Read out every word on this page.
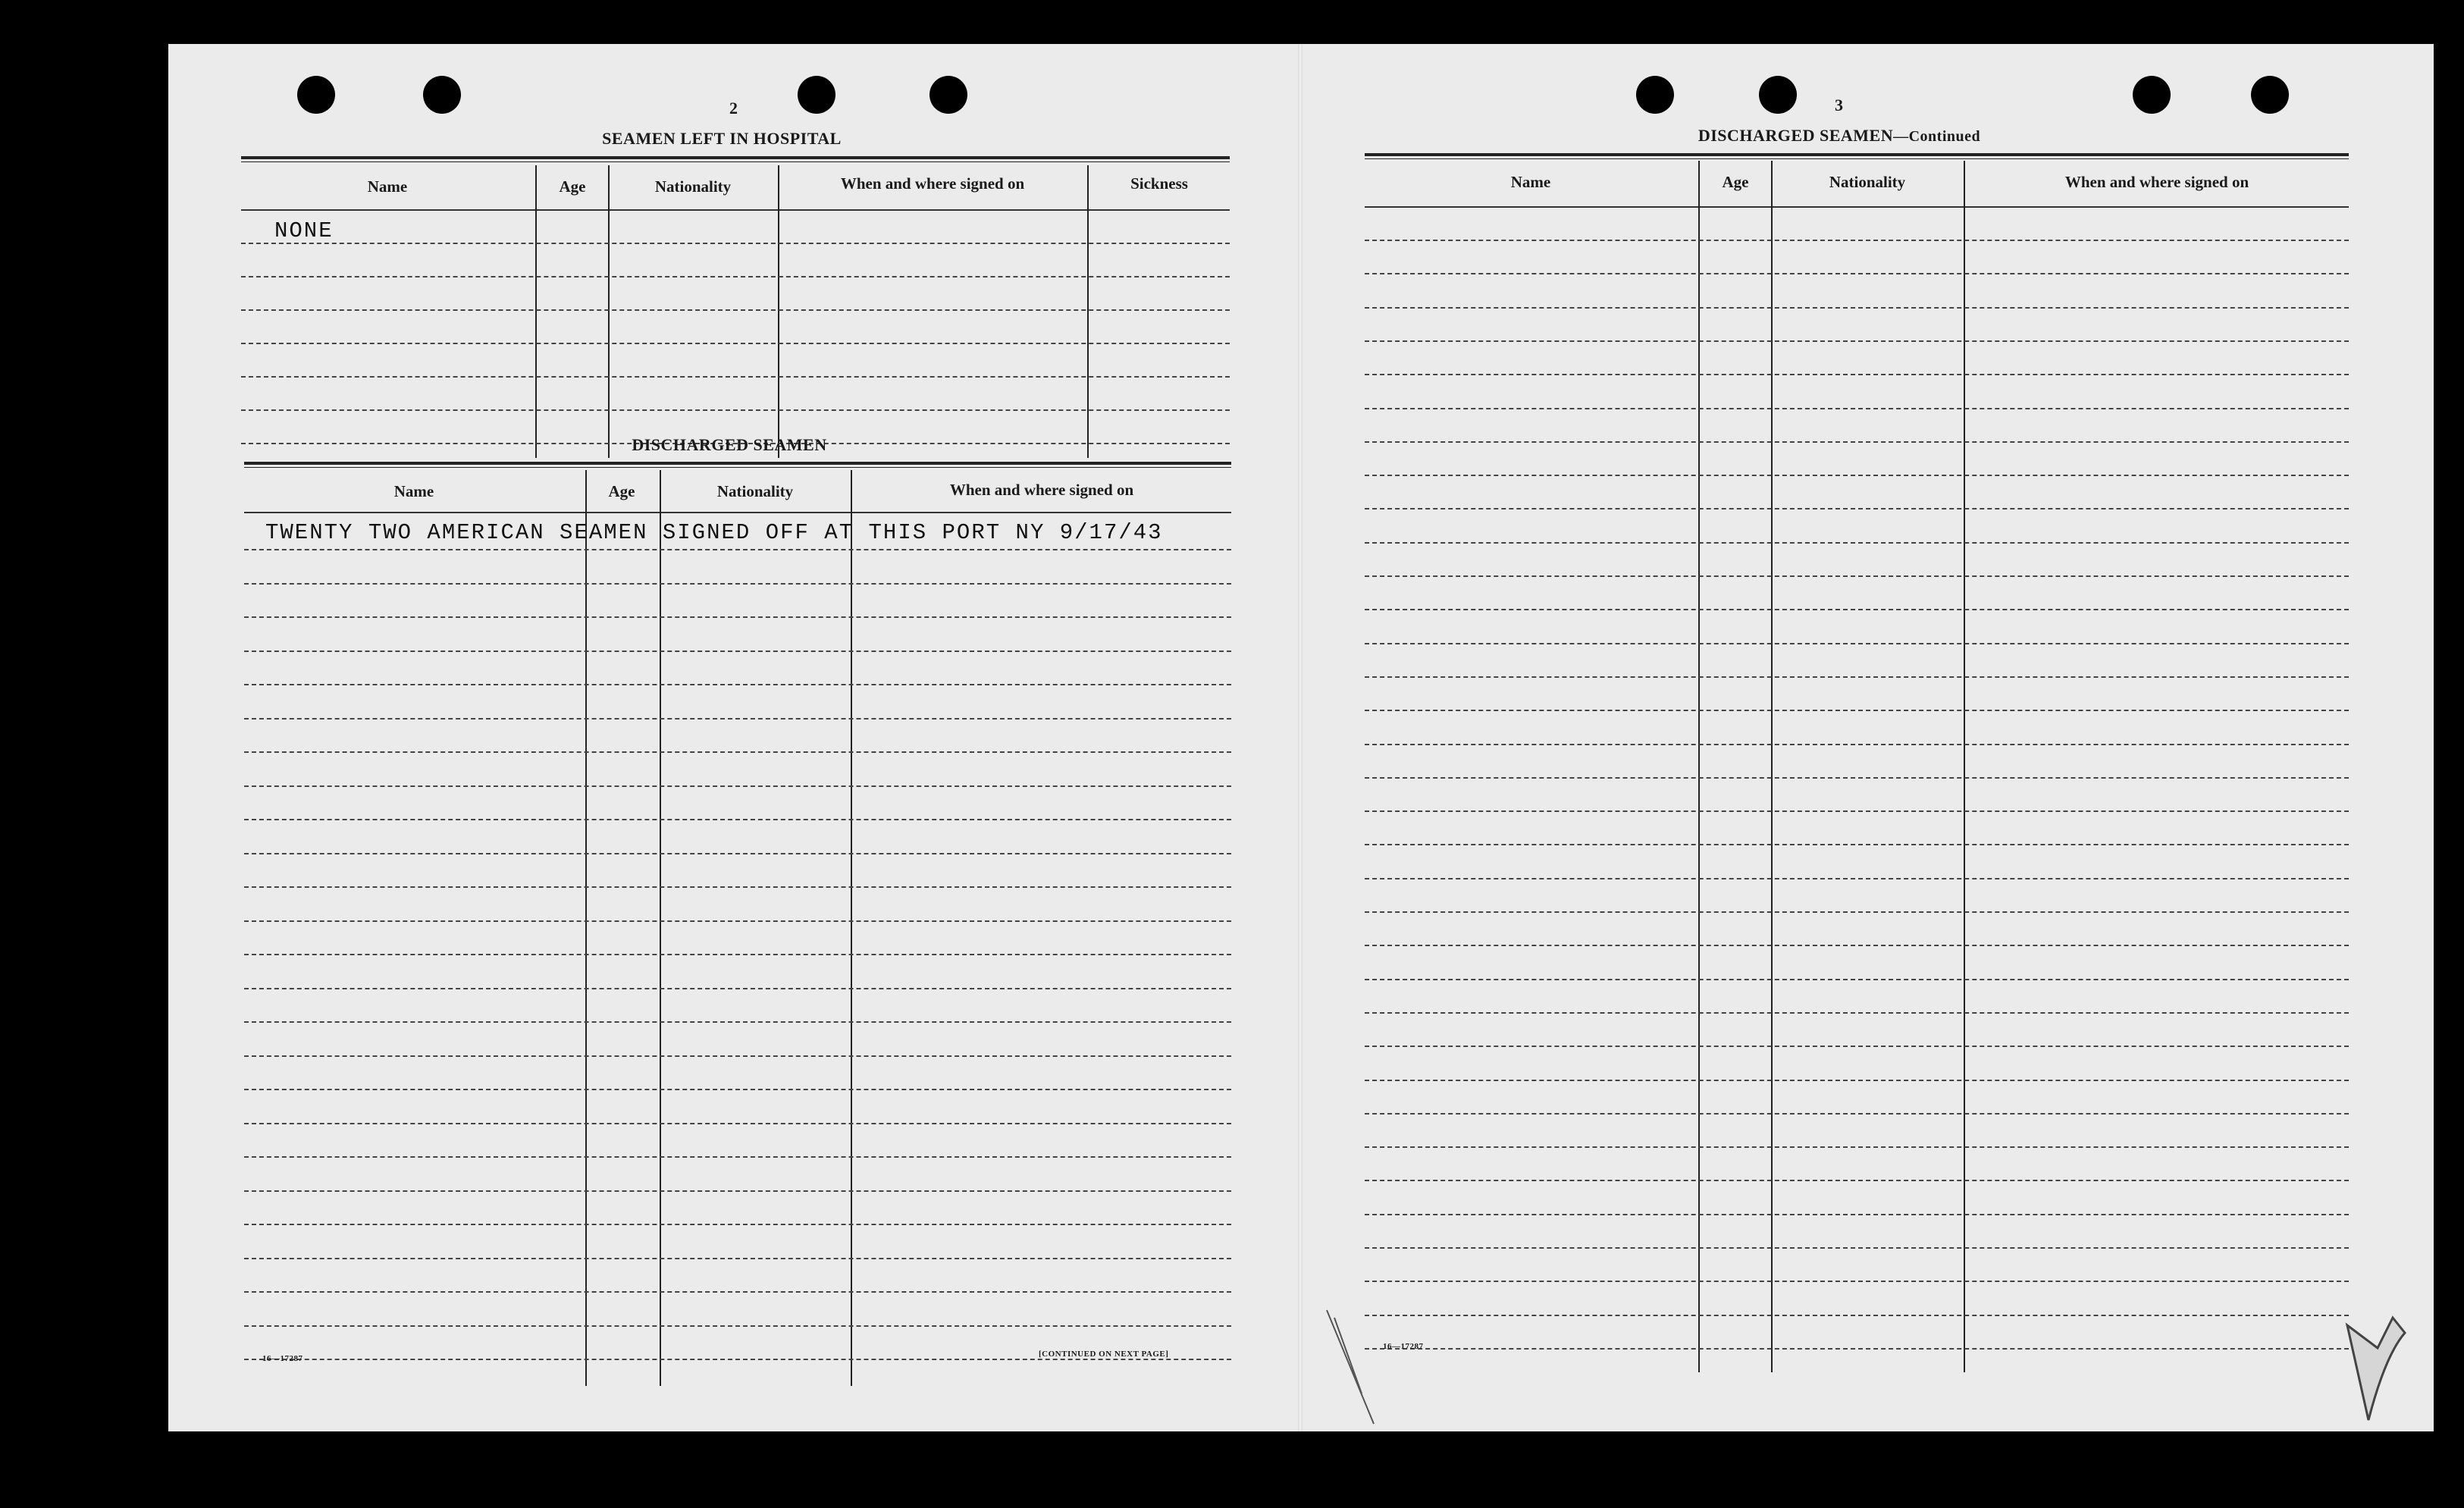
2
SEAMEN LEFT IN HOSPITAL
Name	Age	Nationality	When and where signed on	Sickness
NONE
DISCHARGED SEAMEN
Name	Age	Nationality	When and where signed on
TWENTY TWO AMERICAN SEAMEN SIGNED OFF AT THIS PORT NY 9/17/43
16—17287	[CONTINUED ON NEXT PAGE]
3
DISCHARGED SEAMEN—Continued
Name	Age	Nationality	When and where signed on
16—17287
